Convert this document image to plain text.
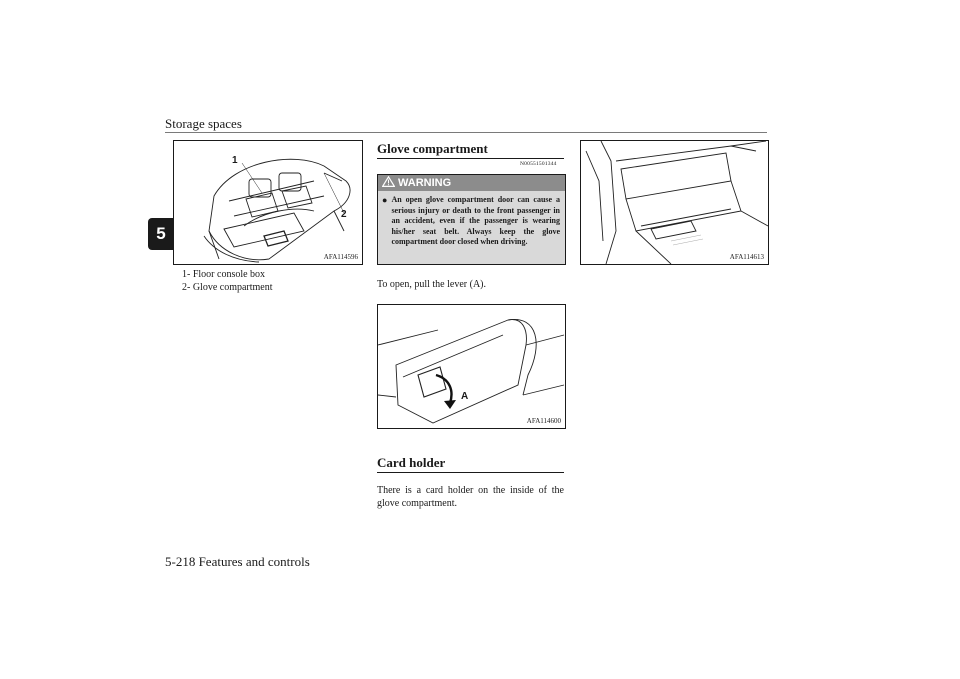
Storage spaces
5
1
2
AFA114596
1- Floor console box
2- Glove compartment
Glove compartment
N00551501344
WARNING
● An open glove compartment door can cause a serious injury or death to the front passenger in an accident, even if the passenger is wearing his/her seat belt. Always keep the glove compartment door closed when driving.
To open, pull the lever (A).
A
AFA114600
Card holder
There is a card holder on the inside of the glove compartment.
AFA114613
5-218 Features and controls
